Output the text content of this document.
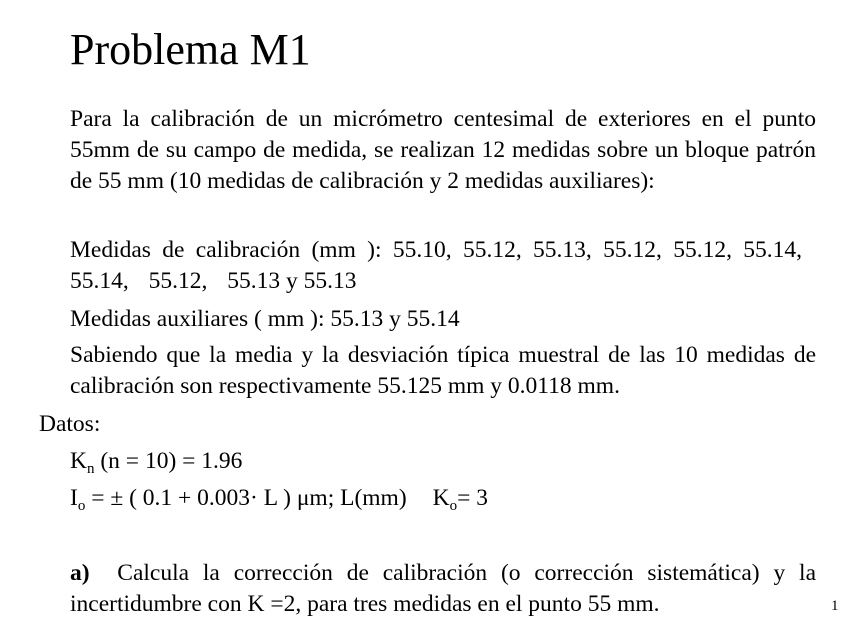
Problema M1
Para la calibración de un micrómetro centesimal de exteriores en el punto 55mm de su campo de medida, se realizan 12 medidas sobre un bloque patrón de 55 mm (10 medidas de calibración y 2 medidas auxiliares):
Medidas de calibración (mm ): 55.10, 55.12, 55.13, 55.12, 55.12, 55.14, 55.14, 55.12, 55.13 y 55.13
Medidas auxiliares ( mm ): 55.13 y 55.14
Sabiendo que la media y la desviación típica muestral de las 10 medidas de calibración son respectivamente 55.125 mm y 0.0118 mm.
Datos:
$K_n$ (n = 10) = 1.96
$I_o$ = ± ( 0.1 + 0.003· L ) μm; L(mm) $K_o= 3$
a) Calcula la corrección de calibración (o corrección sistemática) y la incertidumbre con K =2, para tres medidas en el punto 55 mm.	1
